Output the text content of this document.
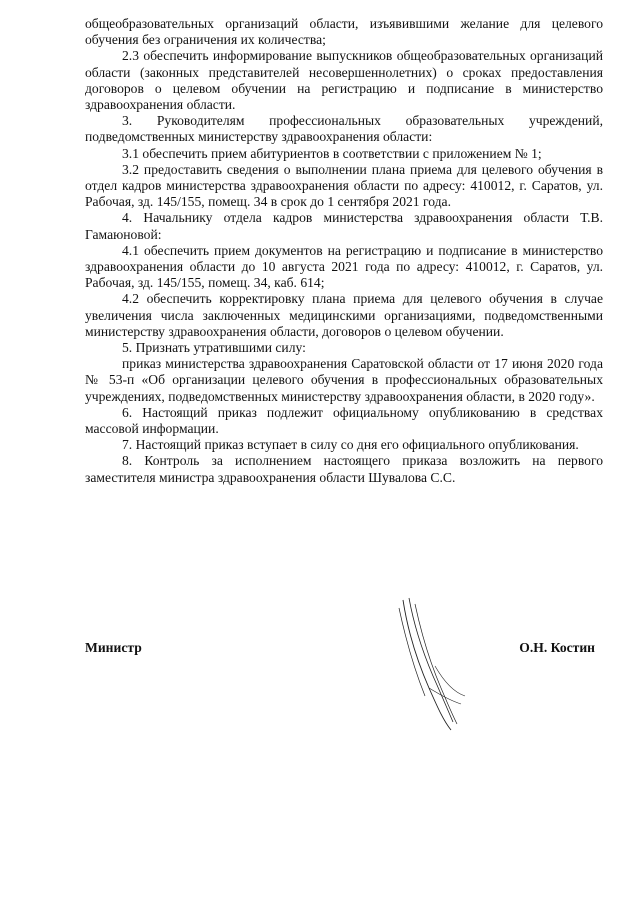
общеобразовательных организаций области, изъявившими желание для целевого обучения без ограничения их количества;

2.3 обеспечить информирование выпускников общеобразовательных организаций области (законных представителей несовершеннолетних) о сроках предоставления договоров о целевом обучении на регистрацию и подписание в министерство здравоохранения области.

3. Руководителям профессиональных образовательных учреждений, подведомственных министерству здравоохранения области:

3.1 обеспечить прием абитуриентов в соответствии с приложением № 1;

3.2 предоставить сведения о выполнении плана приема для целевого обучения в отдел кадров министерства здравоохранения области по адресу: 410012, г. Саратов, ул. Рабочая, зд. 145/155, помещ. 34 в срок до 1 сентября 2021 года.

4. Начальнику отдела кадров министерства здравоохранения области Т.В. Гамаюновой:

4.1 обеспечить прием документов на регистрацию и подписание в министерство здравоохранения области до 10 августа 2021 года по адресу: 410012, г. Саратов, ул. Рабочая, зд. 145/155, помещ. 34, каб. 614;

4.2 обеспечить корректировку плана приема для целевого обучения в случае увеличения числа заключенных медицинскими организациями, подведомственными министерству здравоохранения области, договоров о целевом обучении.

5. Признать утратившими силу:

приказ министерства здравоохранения Саратовской области от 17 июня 2020 года № 53-п «Об организации целевого обучения в профессиональных образовательных учреждениях, подведомственных министерству здравоохранения области, в 2020 году».

6. Настоящий приказ подлежит официальному опубликованию в средствах массовой информации.

7. Настоящий приказ вступает в силу со дня его официального опубликования.

8. Контроль за исполнением настоящего приказа возложить на первого заместителя министра здравоохранения области Шувалова С.С.

Министр	О.Н. Костин
